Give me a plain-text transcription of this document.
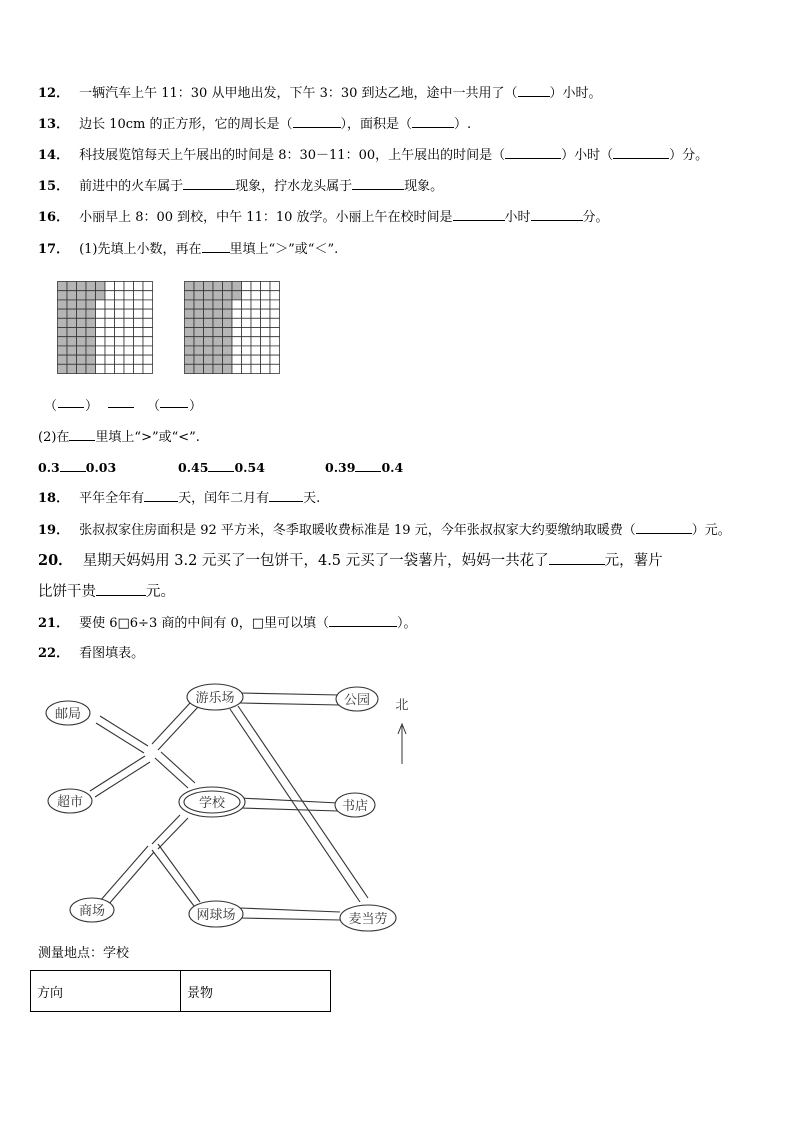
12． 一辆汽车上午 11：30 从甲地出发，下午 3：30 到达乙地，途中一共用了（ ）小时。
13． 边长 10cm 的正方形，它的周长是（	），面积是（	）.
14． 科技展览馆每天上午展出的时间是 8：30－11：00，上午展出的时间是（	）小时（	）分。
15． 前进中的火车属于	现象，拧水龙头属于	现象。
16． 小丽早上 8：00 到校，中午 11：10 放学。小丽上午在校时间是	小时	分。
17． (1)先填上小数，再在 里填上“＞”或“＜”.
（ ）	（ ）
(2)在 里填上“>”或“<”.
0.3 0.03	0.45 0.54	0.39 0.4
18． 平年全年有	天，闰年二月有	天.
19． 张叔叔家住房面积是 92 平方米，冬季取暖收费标准是 19 元，今年张叔叔家大约要缴纳取暖费（	）元。
20． 星期天妈妈用 3.2 元买了一包饼干，4.5 元买了一袋薯片，妈妈一共花了	元，薯片
比饼干贵	元。
21． 要使 6□6÷3 商的中间有 0，□里可以填（	）。
22． 看图填表。
邮局
游乐场	公园
超市	学校	书店
商场	网球场	麦当劳
北
测量地点：学校
方向	景物
